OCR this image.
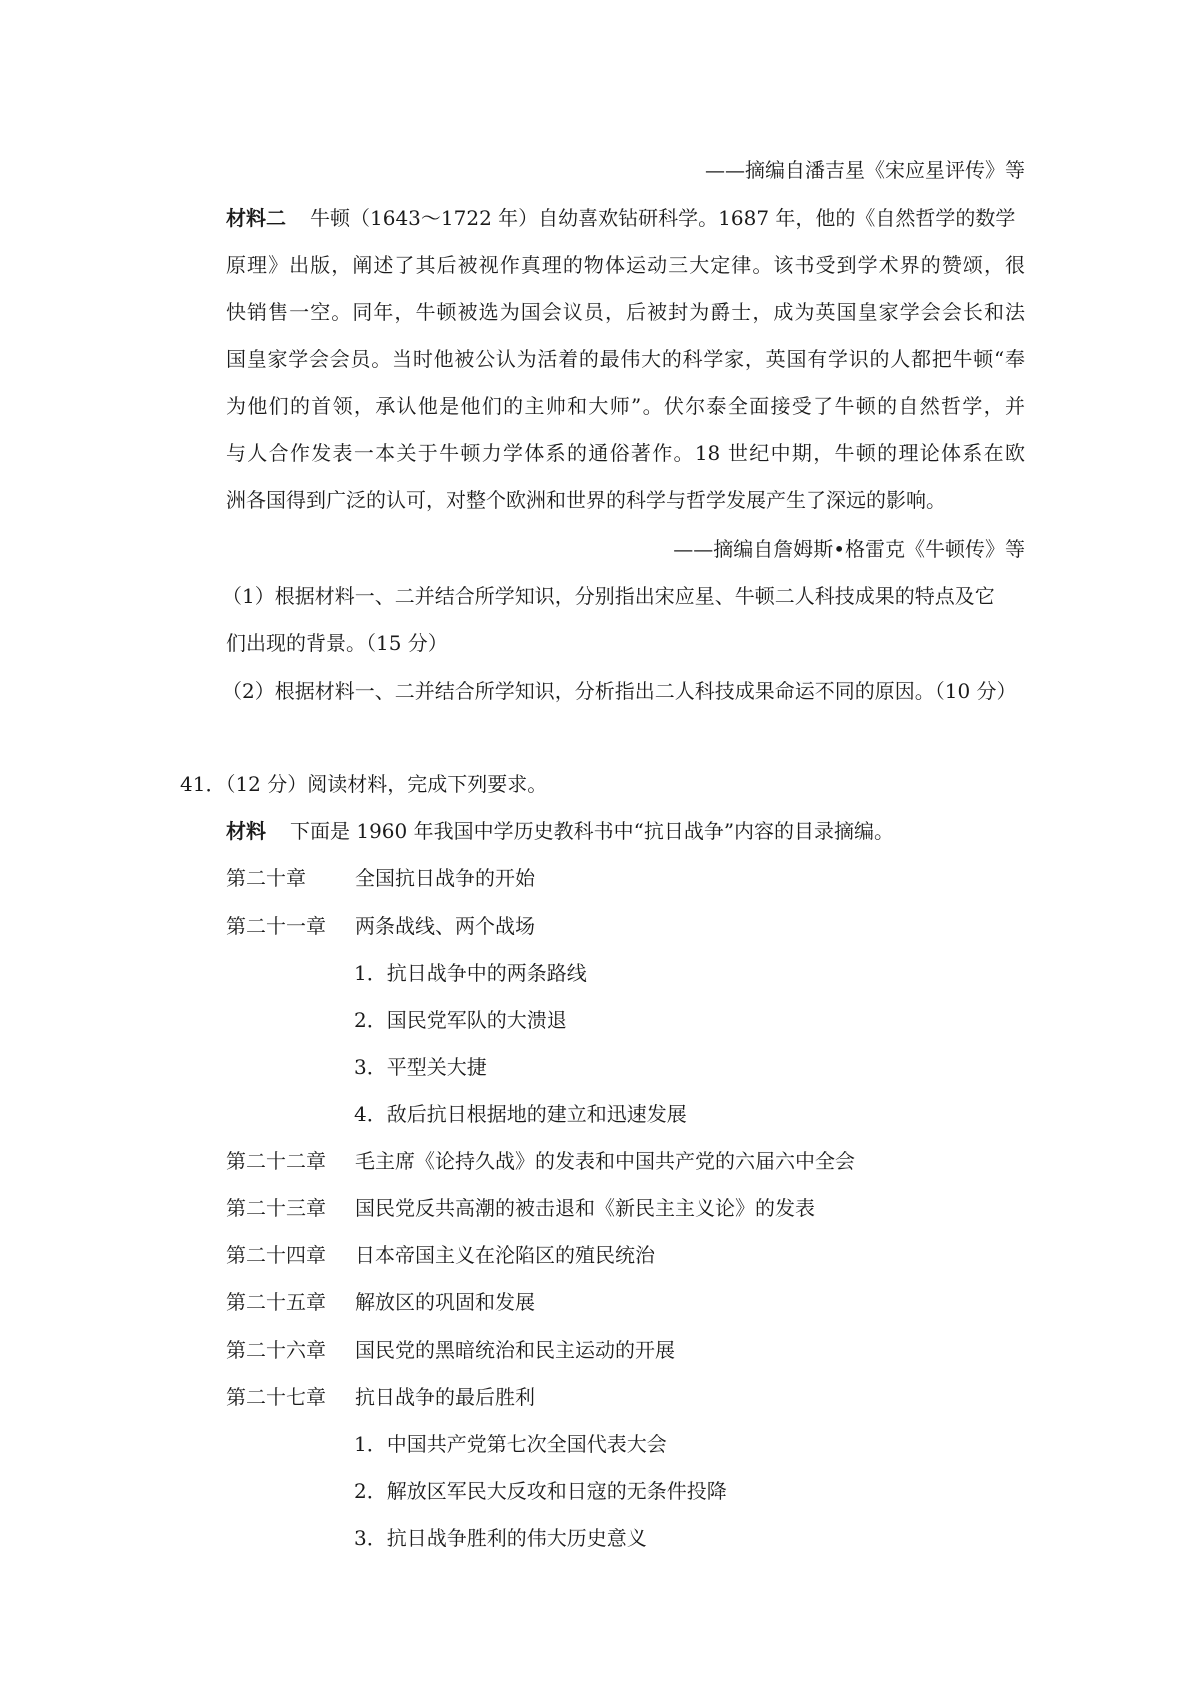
——摘编自潘吉星《宋应星评传》等
材料二 牛顿（1643～1722 年）自幼喜欢钻研科学。1687 年，他的《自然哲学的数学
原理》出版，阐述了其后被视作真理的物体运动三大定律。该书受到学术界的赞颂，很
快销售一空。同年，牛顿被选为国会议员，后被封为爵士，成为英国皇家学会会长和法
国皇家学会会员。当时他被公认为活着的最伟大的科学家，英国有学识的人都把牛顿“奉
为他们的首领，承认他是他们的主帅和大师”。伏尔泰全面接受了牛顿的自然哲学，并
与人合作发表一本关于牛顿力学体系的通俗著作。18 世纪中期，牛顿的理论体系在欧
洲各国得到广泛的认可，对整个欧洲和世界的科学与哲学发展产生了深远的影响。
——摘编自詹姆斯•格雷克《牛顿传》等
（1）根据材料一、二并结合所学知识，分别指出宋应星、牛顿二人科技成果的特点及它
们出现的背景。（15 分）
（2）根据材料一、二并结合所学知识，分析指出二人科技成果命运不同的原因。（10 分）
41．（12 分）阅读材料，完成下列要求。
材料 下面是 1960 年我国中学历史教科书中“抗日战争”内容的目录摘编。
第二十章 全国抗日战争的开始
第二十一章 两条战线、两个战场
1．抗日战争中的两条路线
2．国民党军队的大溃退
3．平型关大捷
4．敌后抗日根据地的建立和迅速发展
第二十二章 毛主席《论持久战》的发表和中国共产党的六届六中全会
第二十三章 国民党反共高潮的被击退和《新民主主义论》的发表
第二十四章 日本帝国主义在沦陷区的殖民统治
第二十五章 解放区的巩固和发展
第二十六章 国民党的黑暗统治和民主运动的开展
第二十七章 抗日战争的最后胜利
1．中国共产党第七次全国代表大会
2．解放区军民大反攻和日寇的无条件投降
3．抗日战争胜利的伟大历史意义
